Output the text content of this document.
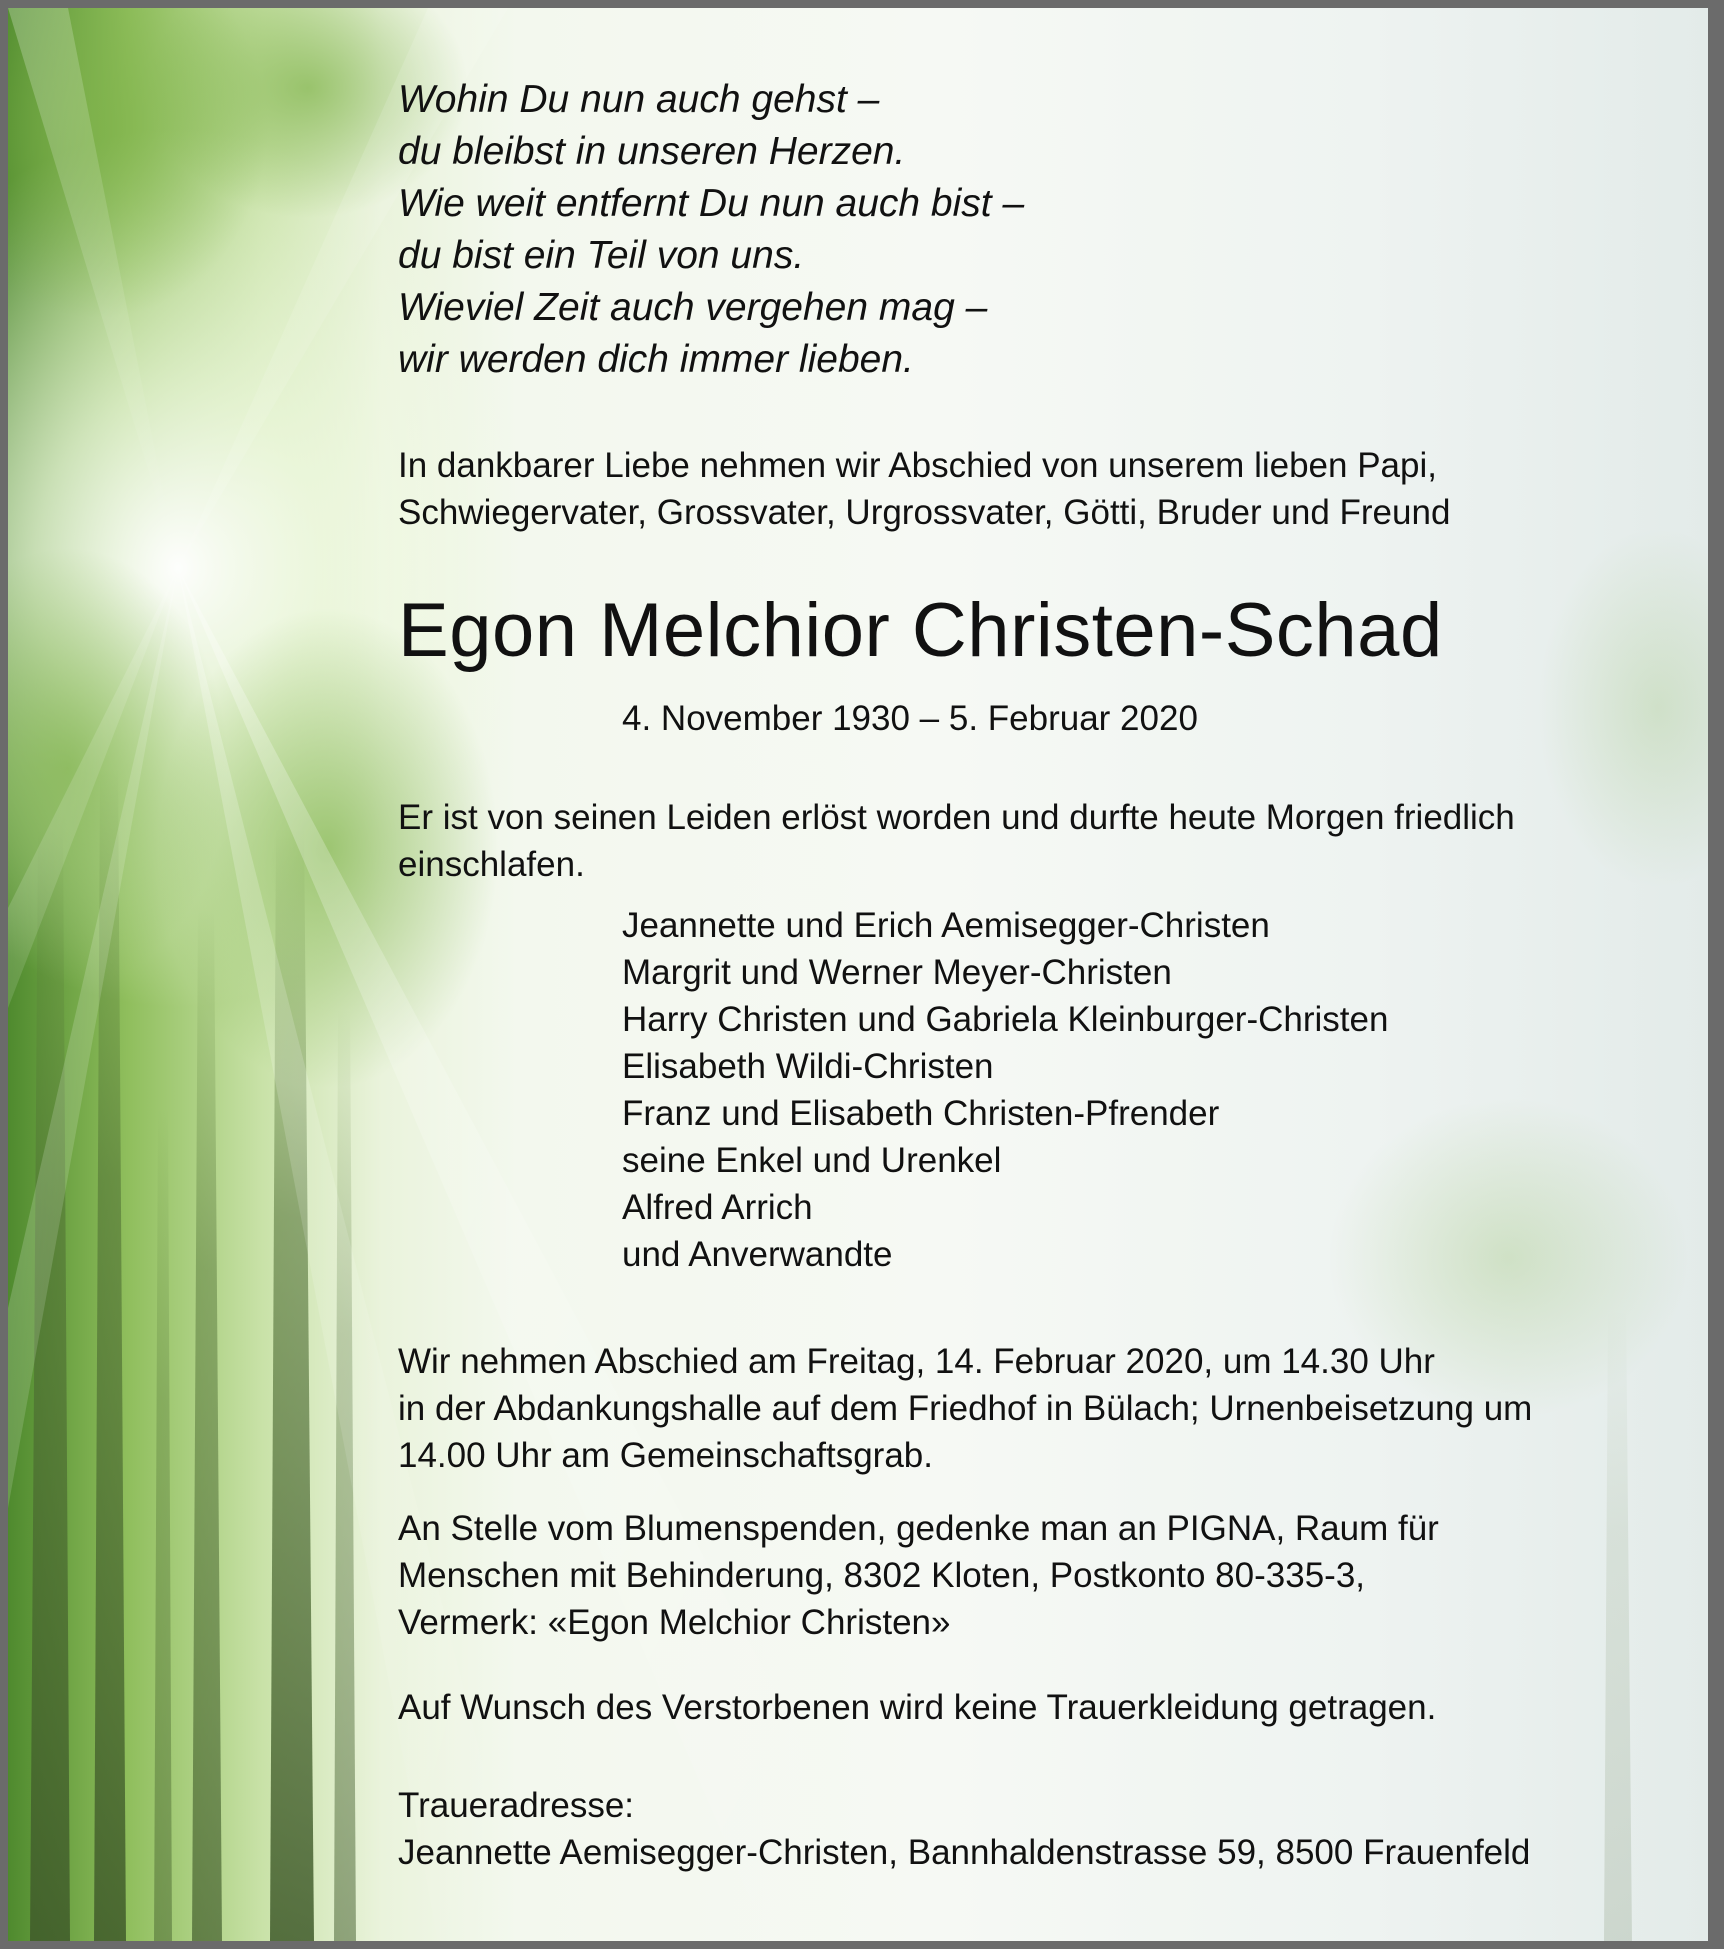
Wohin Du nun auch gehst –
du bleibst in unseren Herzen.
Wie weit entfernt Du nun auch bist –
du bist ein Teil von uns.
Wieviel Zeit auch vergehen mag –
wir werden dich immer lieben.
In dankbarer Liebe nehmen wir Abschied von unserem lieben Papi,
Schwiegervater, Grossvater, Urgrossvater, Götti, Bruder und Freund
Egon Melchior Christen-Schad
4. November 1930 – 5. Februar 2020
Er ist von seinen Leiden erlöst worden und durfte heute Morgen friedlich
einschlafen.
Jeannette und Erich Aemisegger-Christen
Margrit und Werner Meyer-Christen
Harry Christen und Gabriela Kleinburger-Christen
Elisabeth Wildi-Christen
Franz und Elisabeth Christen-Pfrender
seine Enkel und Urenkel
Alfred Arrich
und Anverwandte
Wir nehmen Abschied am Freitag, 14. Februar 2020, um 14.30 Uhr
in der Abdankungshalle auf dem Friedhof in Bülach; Urnenbeisetzung um
14.00 Uhr am Gemeinschaftsgrab.
An Stelle vom Blumenspenden, gedenke man an PIGNA, Raum für
Menschen mit Behinderung, 8302 Kloten, Postkonto 80-335-3,
Vermerk: «Egon Melchior Christen»
Auf Wunsch des Verstorbenen wird keine Trauerkleidung getragen.
Traueradresse:
Jeannette Aemisegger-Christen, Bannhaldenstrasse 59, 8500 Frauenfeld
